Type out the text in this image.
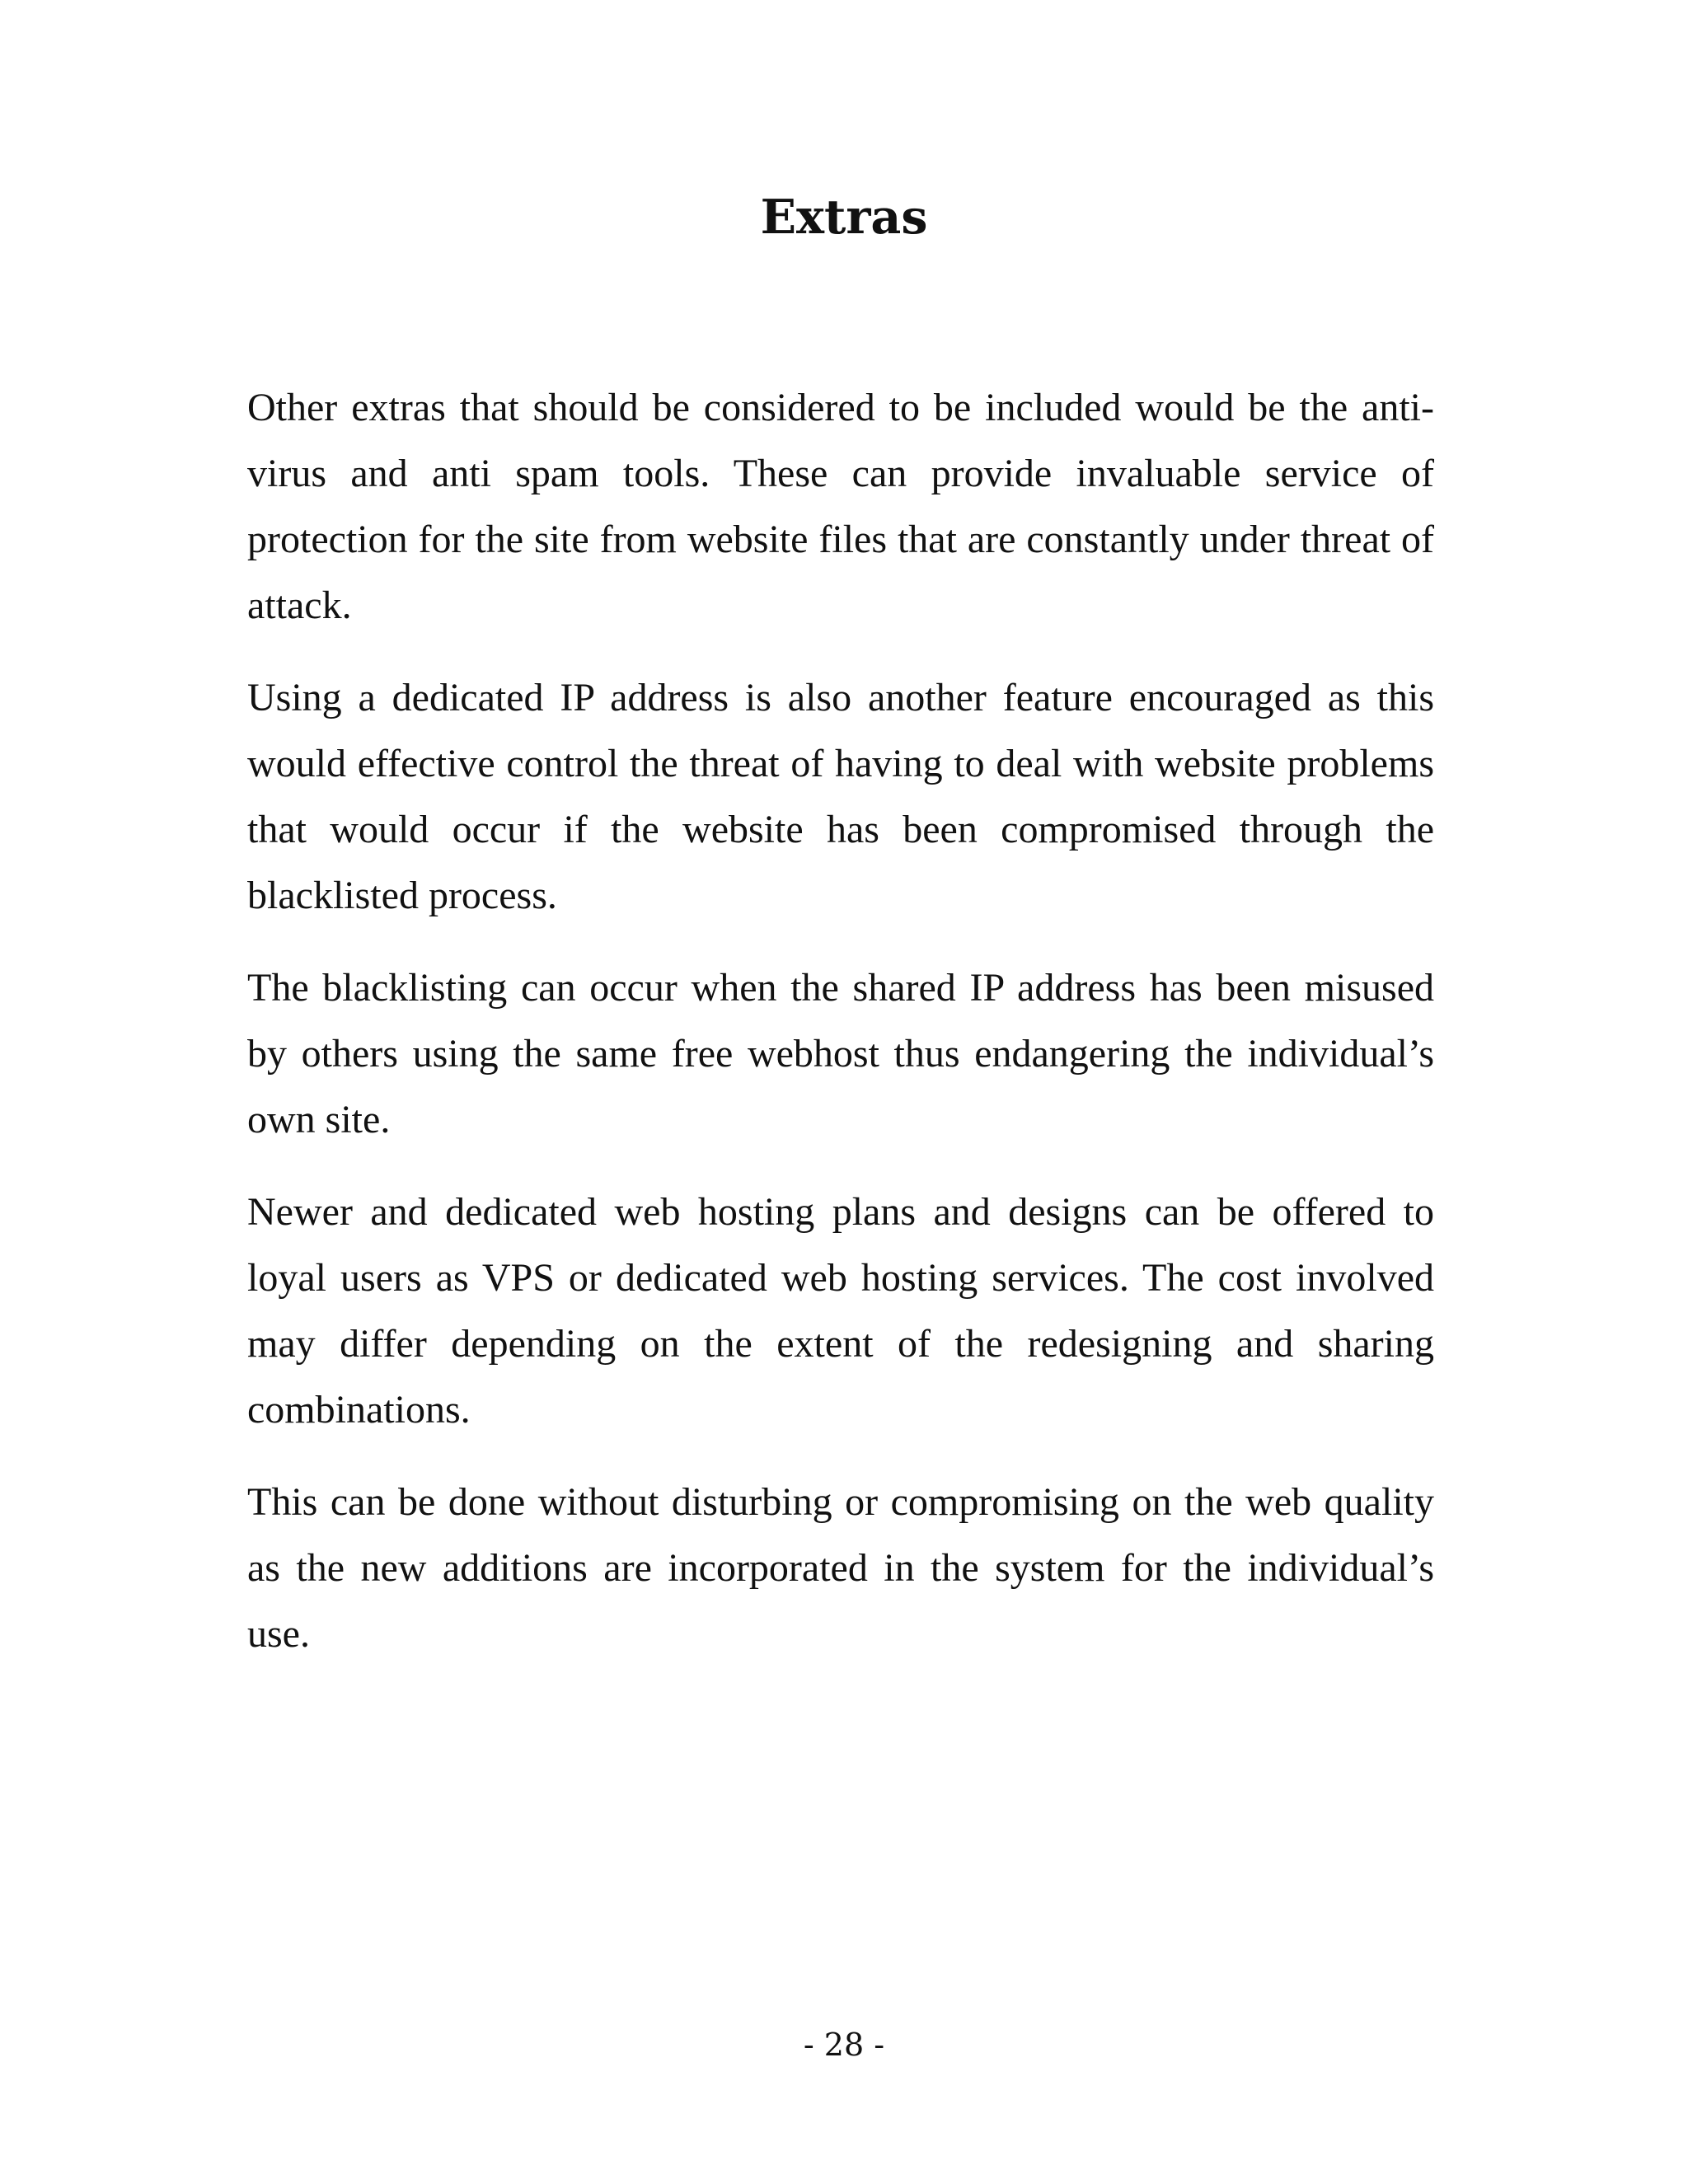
Extras

Other extras that should be considered to be included would be the anti-virus and anti spam tools. These can provide invaluable service of protection for the site from website files that are constantly under threat of attack.

Using a dedicated IP address is also another feature encouraged as this would effective control the threat of having to deal with website problems that would occur if the website has been compromised through the blacklisted process.

The blacklisting can occur when the shared IP address has been misused by others using the same free webhost thus endangering the individual’s own site.

Newer and dedicated web hosting plans and designs can be offered to loyal users as VPS or dedicated web hosting services. The cost involved may differ depending on the extent of the redesigning and sharing combinations.

This can be done without disturbing or compromising on the web quality as the new additions are incorporated in the system for the individual’s use.

- 28 -
